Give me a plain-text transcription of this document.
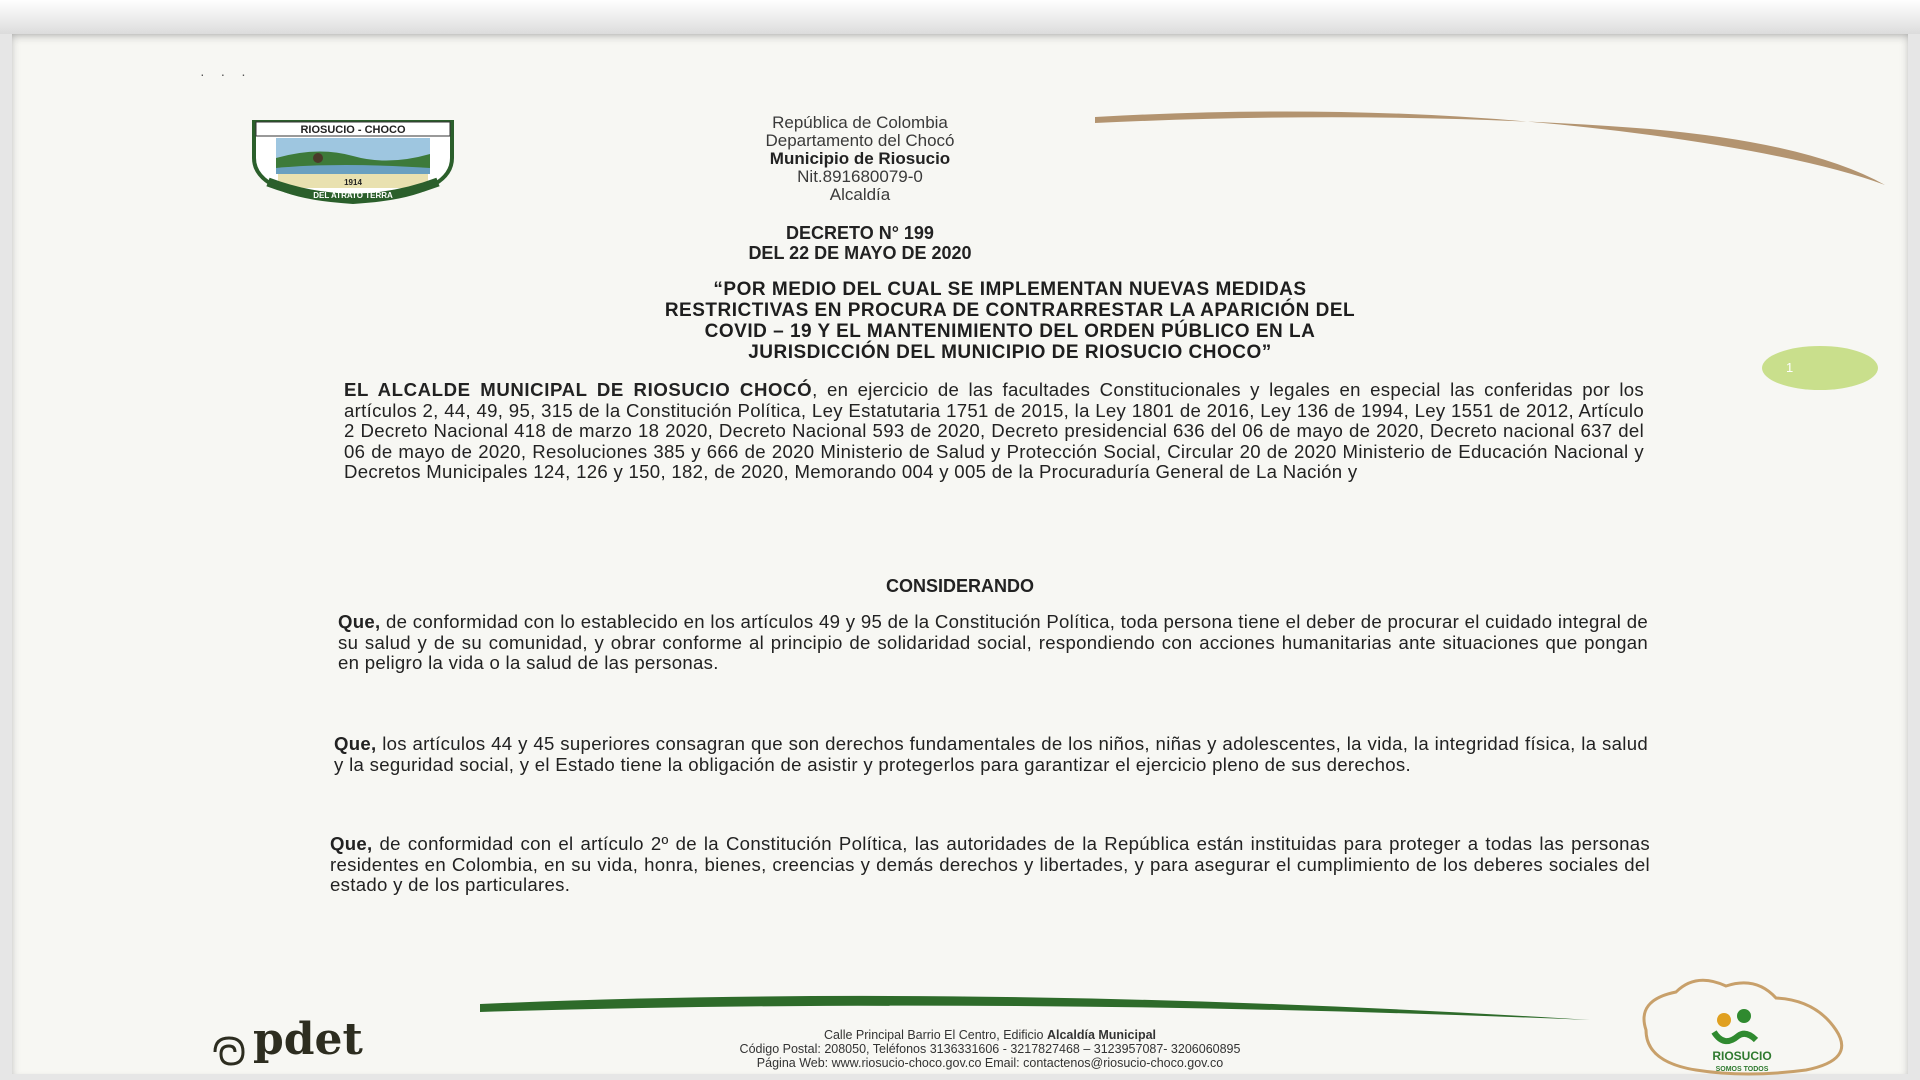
· · ·
RIOSUCIO - CHOCO
1914
DEL ATRATO TERRA
República de Colombia
Departamento del Chocó
Municipio de Riosucio
Nit.891680079-0
Alcaldía
1
DECRETO N° 199
DEL 22 DE MAYO DE 2020
“POR MEDIO DEL CUAL SE IMPLEMENTAN NUEVAS MEDIDAS
RESTRICTIVAS EN PROCURA DE CONTRARRESTAR LA APARICIÓN DEL
COVID – 19 Y EL MANTENIMIENTO DEL ORDEN PÚBLICO EN LA
JURISDICCIÓN DEL MUNICIPIO DE RIOSUCIO CHOCO”
EL ALCALDE MUNICIPAL DE RIOSUCIO CHOCÓ, en ejercicio de las facultades Constitucionales y legales en especial las conferidas por los artículos 2, 44, 49, 95, 315 de la Constitución Política, Ley Estatutaria 1751 de 2015, la Ley 1801 de 2016, Ley 136 de 1994, Ley 1551 de 2012, Artículo 2 Decreto Nacional 418 de marzo 18 2020, Decreto Nacional 593 de 2020, Decreto presidencial 636 del 06 de mayo de 2020, Decreto nacional 637 del 06 de mayo de 2020, Resoluciones 385 y 666 de 2020 Ministerio de Salud y Protección Social, Circular 20 de 2020 Ministerio de Educación Nacional y Decretos Municipales 124, 126 y 150, 182, de 2020, Memorando 004 y 005 de la Procuraduría General de La Nación y
CONSIDERANDO
Que, de conformidad con lo establecido en los artículos 49 y 95 de la Constitución Política, toda persona tiene el deber de procurar el cuidado integral de su salud y de su comunidad, y obrar conforme al principio de solidaridad social, respondiendo con acciones humanitarias ante situaciones que pongan en peligro la vida o la salud de las personas.
Que, los artículos 44 y 45 superiores consagran que son derechos fundamentales de los niños, niñas y adolescentes, la vida, la integridad física, la salud y la seguridad social, y el Estado tiene la obligación de asistir y protegerlos para garantizar el ejercicio pleno de sus derechos.
Que, de conformidad con el artículo 2º de la Constitución Política, las autoridades de la República están instituidas para proteger a todas las personas residentes en Colombia, en su vida, honra, bienes, creencias y demás derechos y libertades, y para asegurar el cumplimiento de los deberes sociales del estado y de los particulares.
pdet	Calle Principal Barrio El Centro, Edificio Alcaldía Municipal
Código Postal: 208050, Teléfonos 3136331606 - 3217827468 – 3123957087- 3206060895
Página Web: www.riosucio-choco.gov.co Email: contactenos@riosucio-choco.gov.co	RIOSUCIO
SOMOS TODOS
